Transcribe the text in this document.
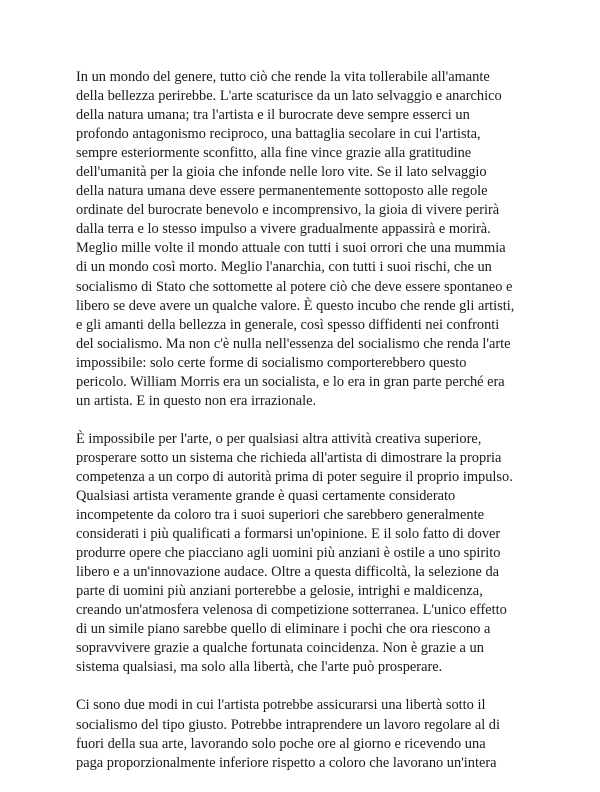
In un mondo del genere, tutto ciò che rende la vita tollerabile all'amante
della bellezza perirebbe. L'arte scaturisce da un lato selvaggio e anarchico
della natura umana; tra l'artista e il burocrate deve sempre esserci un
profondo antagonismo reciproco, una battaglia secolare in cui l'artista,
sempre esteriormente sconfitto, alla fine vince grazie alla gratitudine
dell'umanità per la gioia che infonde nelle loro vite. Se il lato selvaggio
della natura umana deve essere permanentemente sottoposto alle regole
ordinate del burocrate benevolo e incomprensivo, la gioia di vivere perirà
dalla terra e lo stesso impulso a vivere gradualmente appassirà e morirà.
Meglio mille volte il mondo attuale con tutti i suoi orrori che una mummia
di un mondo così morto. Meglio l'anarchia, con tutti i suoi rischi, che un
socialismo di Stato che sottomette al potere ciò che deve essere spontaneo e
libero se deve avere un qualche valore. È questo incubo che rende gli artisti,
e gli amanti della bellezza in generale, così spesso diffidenti nei confronti
del socialismo. Ma non c'è nulla nell'essenza del socialismo che renda l'arte
impossibile: solo certe forme di socialismo comporterebbero questo
pericolo. William Morris era un socialista, e lo era in gran parte perché era
un artista. E in questo non era irrazionale.

È impossibile per l'arte, o per qualsiasi altra attività creativa superiore,
prosperare sotto un sistema che richieda all'artista di dimostrare la propria
competenza a un corpo di autorità prima di poter seguire il proprio impulso.
Qualsiasi artista veramente grande è quasi certamente considerato
incompetente da coloro tra i suoi superiori che sarebbero generalmente
considerati i più qualificati a formarsi un'opinione. E il solo fatto di dover
produrre opere che piacciano agli uomini più anziani è ostile a uno spirito
libero e a un'innovazione audace. Oltre a questa difficoltà, la selezione da
parte di uomini più anziani porterebbe a gelosie, intrighi e maldicenza,
creando un'atmosfera velenosa di competizione sotterranea. L'unico effetto
di un simile piano sarebbe quello di eliminare i pochi che ora riescono a
sopravvivere grazie a qualche fortunata coincidenza. Non è grazie a un
sistema qualsiasi, ma solo alla libertà, che l'arte può prosperare.

Ci sono due modi in cui l'artista potrebbe assicurarsi una libertà sotto il
socialismo del tipo giusto. Potrebbe intraprendere un lavoro regolare al di
fuori della sua arte, lavorando solo poche ore al giorno e ricevendo una
paga proporzionalmente inferiore rispetto a coloro che lavorano un'intera
